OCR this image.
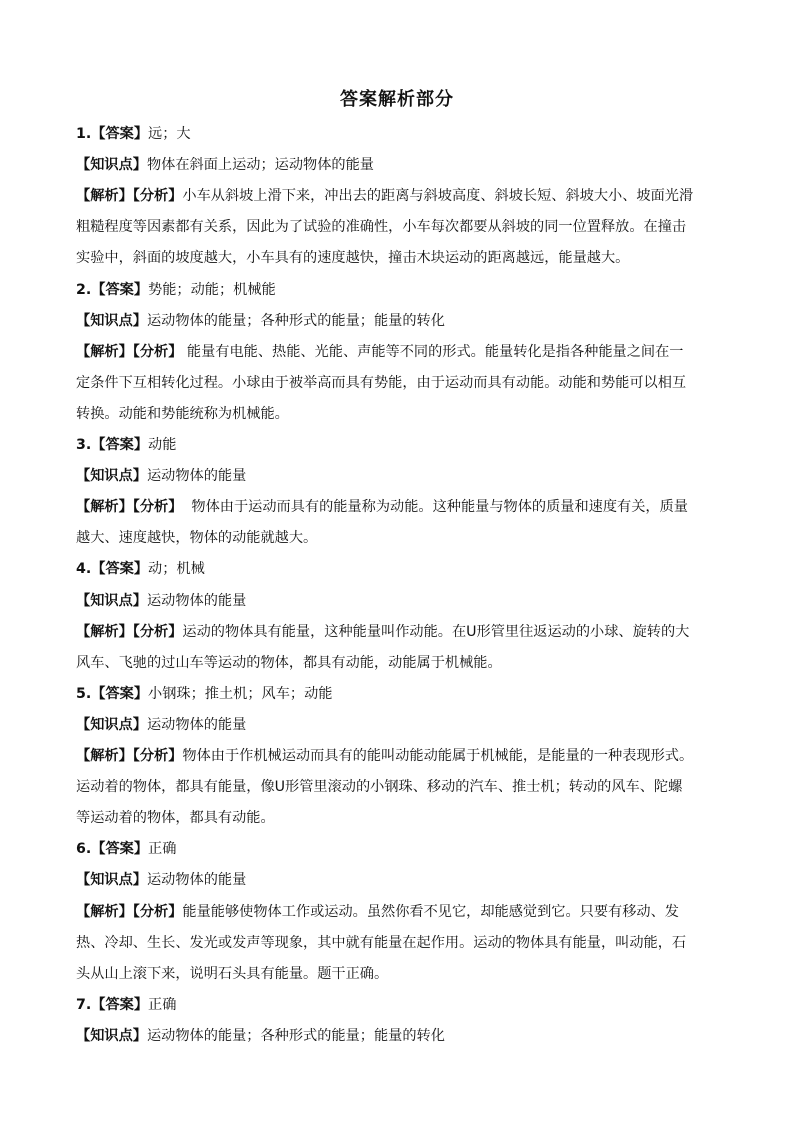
答案解析部分
1.【答案】远；大
【知识点】物体在斜面上运动；运动物体的能量
【解析】【分析】小车从斜坡上滑下来，冲出去的距离与斜坡高度、斜坡长短、斜坡大小、坡面光滑
粗糙程度等因素都有关系，因此为了试验的准确性，小车每次都要从斜坡的同一位置释放。在撞击
实验中，斜面的坡度越大，小车具有的速度越快，撞击木块运动的距离越远，能量越大。
2.【答案】势能；动能；机械能
【知识点】运动物体的能量；各种形式的能量；能量的转化
【解析】【分析】 能量有电能、热能、光能、声能等不同的形式。能量转化是指各种能量之间在一
定条件下互相转化过程。小球由于被举高而具有势能，由于运动而具有动能。动能和势能可以相互
转换。动能和势能统称为机械能。
3.【答案】动能
【知识点】运动物体的能量
【解析】【分析】  物体由于运动而具有的能量称为动能。这种能量与物体的质量和速度有关，质量
越大、速度越快，物体的动能就越大。
4.【答案】动；机械
【知识点】运动物体的能量
【解析】【分析】运动的物体具有能量，这种能量叫作动能。在U形管里往返运动的小球、旋转的大
风车、飞驰的过山车等运动的物体，都具有动能，动能属于机械能。
5.【答案】小钢珠；推土机；风车；动能
【知识点】运动物体的能量
【解析】【分析】物体由于作机械运动而具有的能叫动能动能属于机械能，是能量的一种表现形式。
运动着的物体，都具有能量，像U形管里滚动的小钢珠、移动的汽车、推士机；转动的风车、陀螺
等运动着的物体，都具有动能。
6.【答案】正确
【知识点】运动物体的能量
【解析】【分析】能量能够使物体工作或运动。虽然你看不见它，却能感觉到它。只要有移动、发
热、冷却、生长、发光或发声等现象，其中就有能量在起作用。运动的物体具有能量，叫动能，石
头从山上滚下来，说明石头具有能量。题干正确。
7.【答案】正确
【知识点】运动物体的能量；各种形式的能量；能量的转化
